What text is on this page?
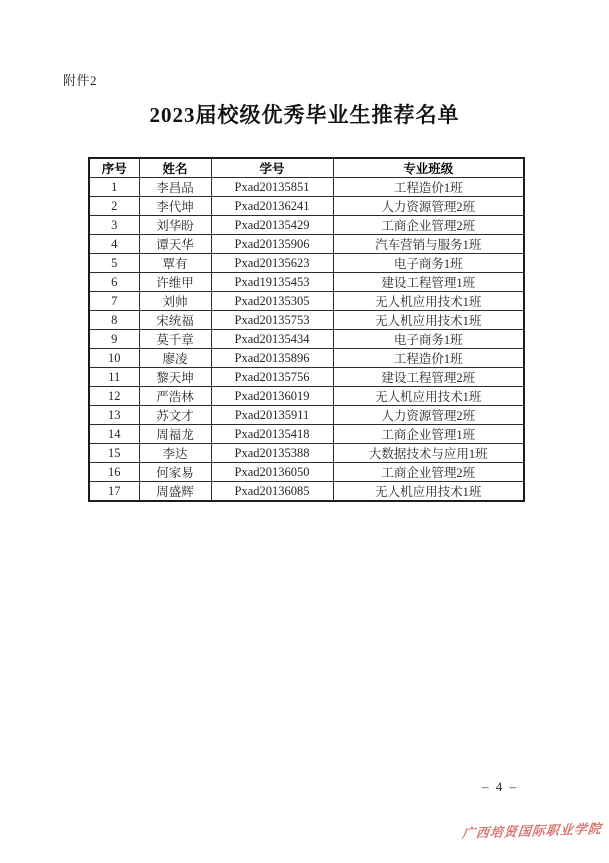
附件2
2023届校级优秀毕业生推荐名单
序号	姓名	学号	专业班级
1	李昌品	Pxad20135851	工程造价1班
2	李代坤	Pxad20136241	人力资源管理2班
3	刘华盼	Pxad20135429	工商企业管理2班
4	谭天华	Pxad20135906	汽车营销与服务1班
5	覃有	Pxad20135623	电子商务1班
6	许维甲	Pxad19135453	建设工程管理1班
7	刘帅	Pxad20135305	无人机应用技术1班
8	宋统福	Pxad20135753	无人机应用技术1班
9	莫千章	Pxad20135434	电子商务1班
10	廖凌	Pxad20135896	工程造价1班
11	黎天坤	Pxad20135756	建设工程管理2班
12	严浩林	Pxad20136019	无人机应用技术1班
13	苏文才	Pxad20135911	人力资源管理2班
14	周福龙	Pxad20135418	工商企业管理1班
15	李达	Pxad20135388	大数据技术与应用1班
16	何家易	Pxad20136050	工商企业管理2班
17	周盛辉	Pxad20136085	无人机应用技术1班
– 4 –
广西培贤国际职业学院
